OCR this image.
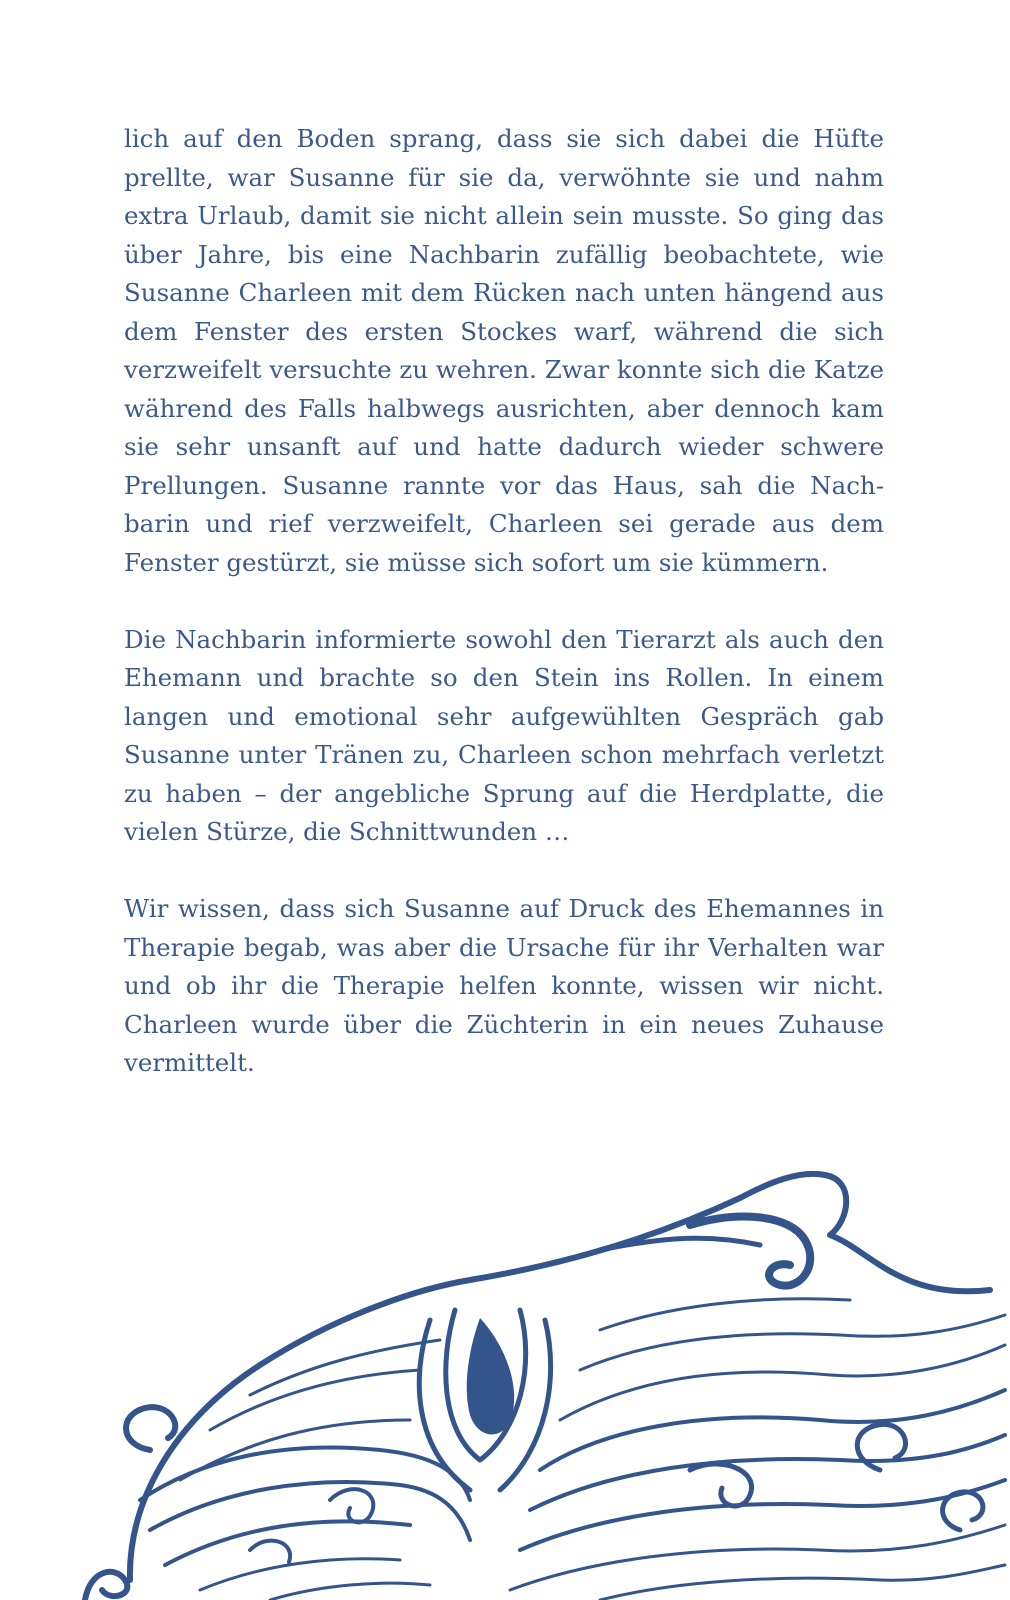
lich auf den Boden sprang, dass sie sich dabei die Hüfte prellte, war Susanne für sie da, verwöhnte sie und nahm extra Urlaub, damit sie nicht allein sein musste. So ging das über Jahre, bis eine Nachbarin zufällig beobachtete, wie Susanne Charleen mit dem Rücken nach unten hängend aus dem Fenster des ersten Stockes warf, während die sich verzweifelt versuchte zu wehren. Zwar konnte sich die Katze während des Falls halbwegs ausrichten, aber dennoch kam sie sehr unsanft auf und hatte dadurch wieder schwere Prellungen. Susanne rannte vor das Haus, sah die Nachbarin und rief verzweifelt, Charleen sei gerade aus dem Fenster gestürzt, sie müsse sich sofort um sie kümmern.

Die Nachbarin informierte sowohl den Tierarzt als auch den Ehemann und brachte so den Stein ins Rollen. In einem langen und emotional sehr aufgewühlten Gespräch gab Susanne unter Tränen zu, Charleen schon mehrfach verletzt zu haben – der angebliche Sprung auf die Herdplatte, die vielen Stürze, die Schnittwunden …

Wir wissen, dass sich Susanne auf Druck des Ehemannes in Therapie begab, was aber die Ursache für ihr Verhalten war und ob ihr die Therapie helfen konnte, wissen wir nicht. Charleen wurde über die Züchterin in ein neues Zuhause vermittelt.
